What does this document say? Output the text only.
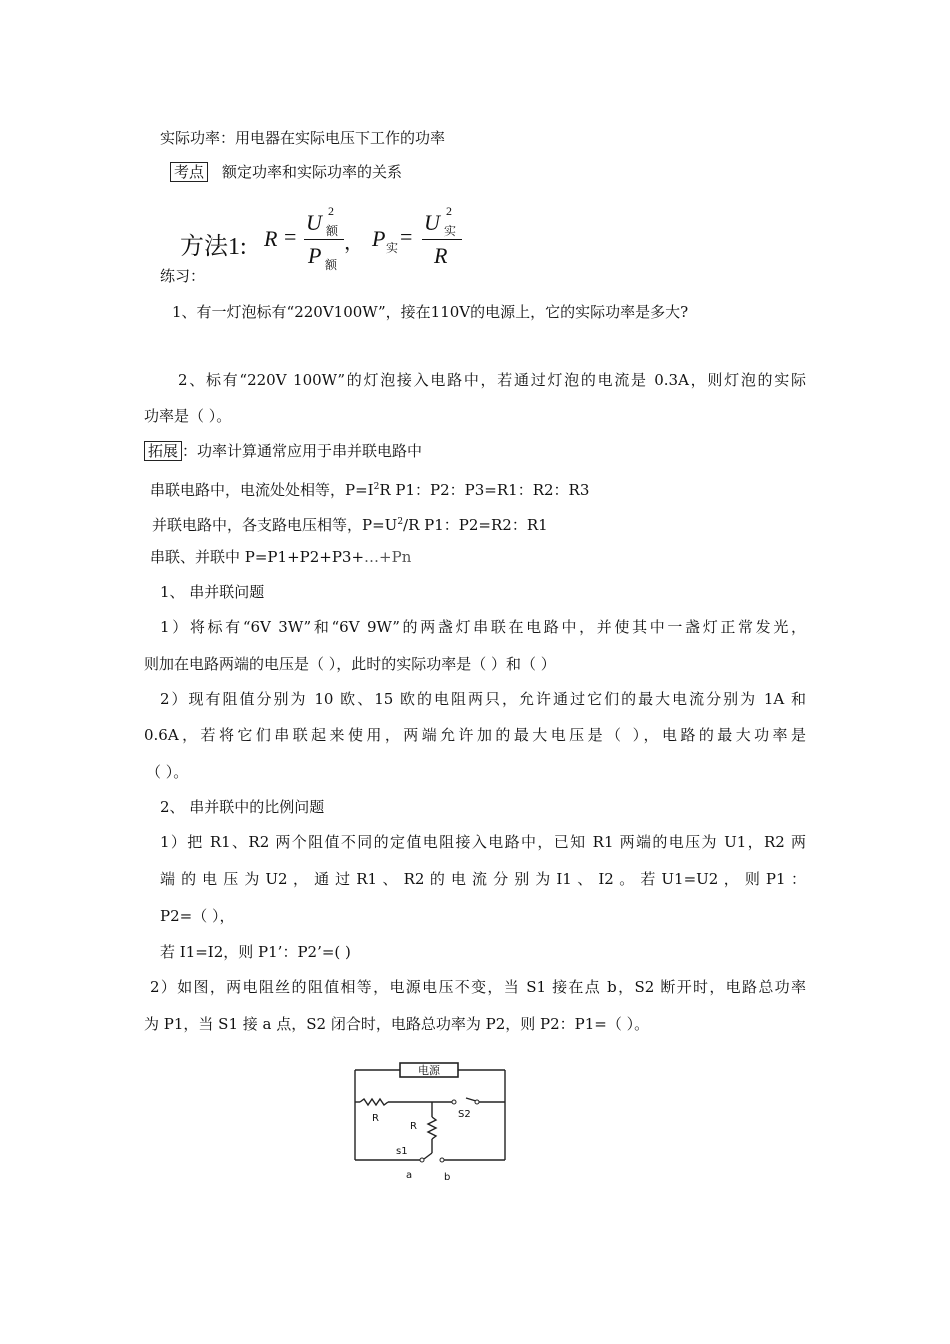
实际功率：用电器在实际电压下工作的功率
考点 额定功率和实际功率的关系
方法1: R =
U 2
额
P 额
， P 实 =
U 2
实
R
练习：
1、有一灯泡标有“220V100W”，接在110V的电源上，它的实际功率是多大?
2、标有“220V 100W”的灯泡接入电路中，若通过灯泡的电流是 0.3A，则灯泡的实际
功率是（ ）。
拓展 ：功率计算通常应用于串并联电路中
串联电路中，电流处处相等，$P=I^2R$ P1：P2：P3=R1：R2：R3
并联电路中，各支路电压相等，$P=U^2/R$ P1：P2=R2：R1
串联、并联中 P=P1+P2+P3+…+Pn
1、 串并联问题
1）将标有“6V 3W”和“6V 9W”的两盏灯串联在电路中，并使其中一盏灯正常发光，
则加在电路两端的电压是（ ），此时的实际功率是（ ）和（ ）
2）现有阻值分别为 10 欧、15 欧的电阻两只，允许通过它们的最大电流分别为 1A 和
0.6A，若将它们串联起来使用，两端允许加的最大电压是（ ），电路的最大功率是
（ ）。
2、 串并联中的比例问题
1）把 R1、R2 两个阻值不同的定值电阻接入电路中，已知 R1 两端的电压为 U1，R2 两
端 的 电 压 为 U2 ， 通 过 R1 、 R2 的 电 流 分 别 为 I1 、 I2 。 若 U1=U2 ， 则 P1 ：
P2=（ ），
若 I1=I2，则 P1’：P2’=( )
2）如图，两电阻丝的阻值相等，电源电压不变，当 S1 接在点 b，S2 断开时，电路总功率
为 P1，当 S1 接 a 点，S2 闭合时，电路总功率为 P2，则 P2：P1=（ ）。
电源
R
R
S2
s1
a	b
